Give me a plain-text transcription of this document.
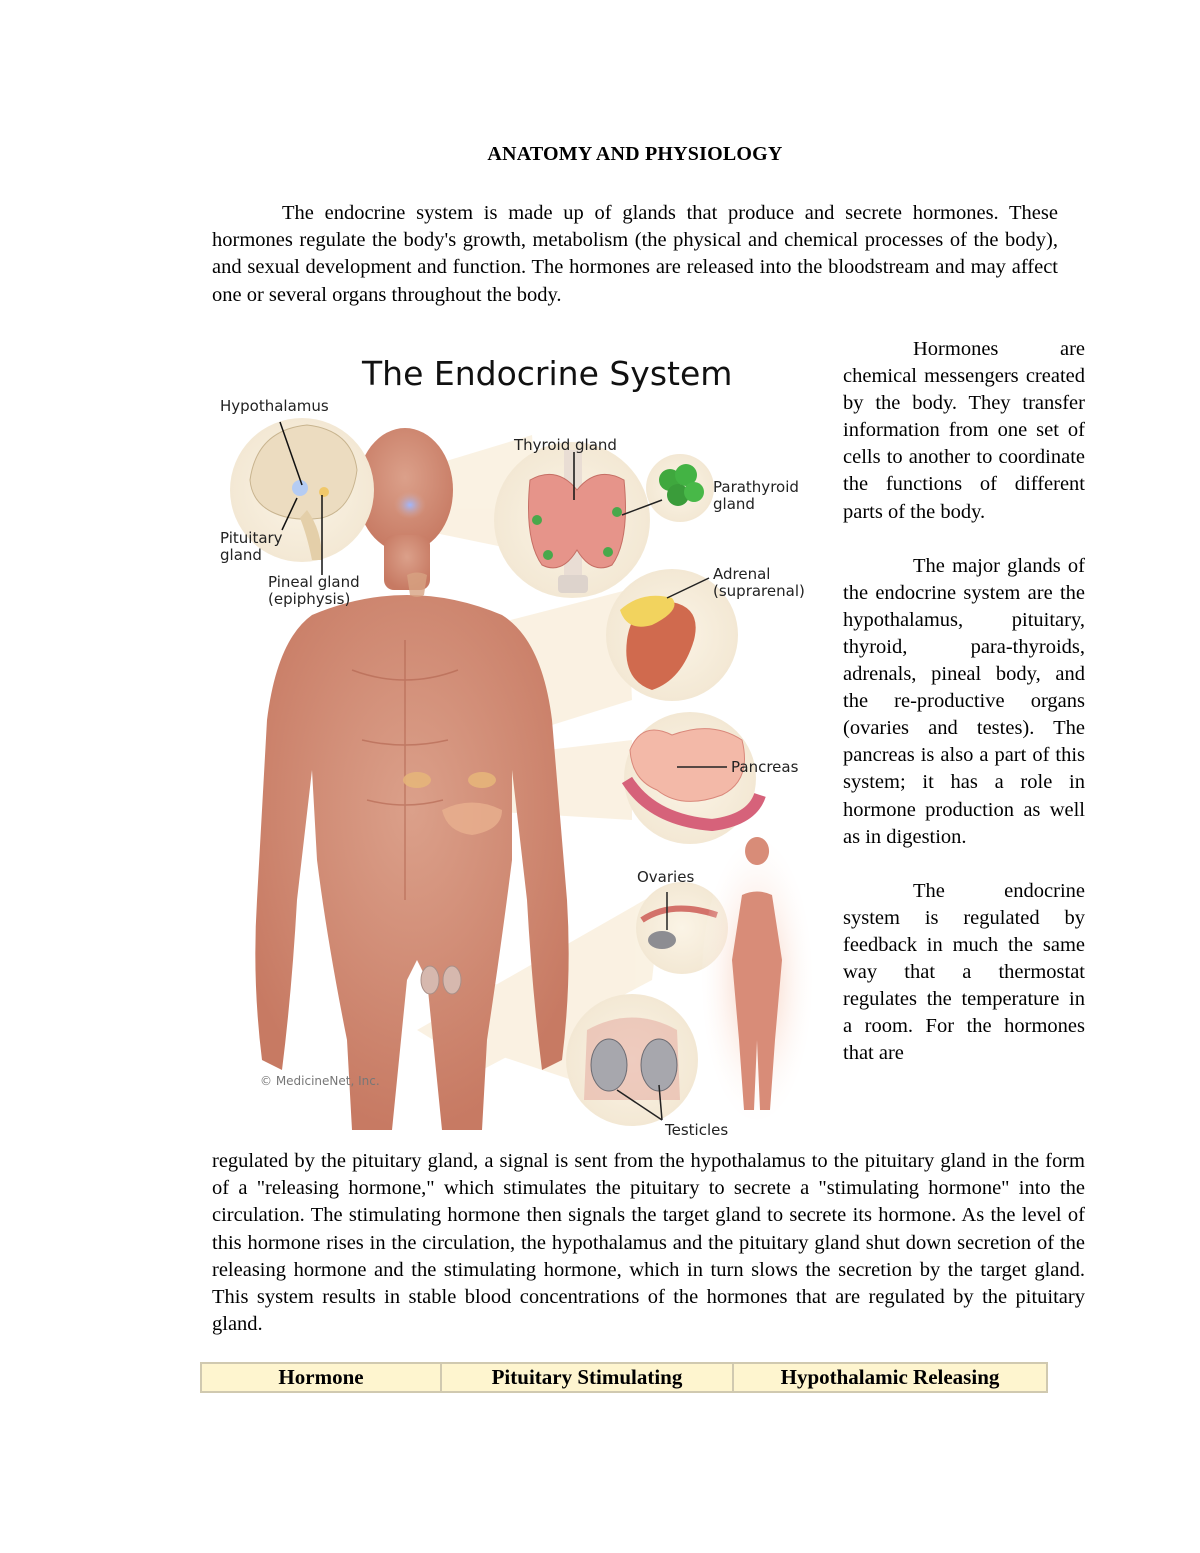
ANATOMY AND PHYSIOLOGY

The endocrine system is made up of glands that produce and secrete hormones. These hormones regulate the body's growth, metabolism (the physical and chemical processes of the body), and sexual development and function. The hormones are released into the bloodstream and may affect one or several organs throughout the body.

The Endocrine System
Hypothalamus
Pituitary
gland
Pineal gland
(epiphysis)
Thyroid gland
Parathyroid
gland
Adrenal
(suprarenal)
Pancreas
Ovaries
Testicles
© MedicineNet, Inc.

Hormones are chemical messengers created by the body. They transfer information from one set of cells to another to coordinate the functions of different parts of the body.

The major glands of the endocrine system are the hypothalamus, pituitary, thyroid, para-thyroids, adrenals, pineal body, and the re-productive organs (ovaries and testes). The pancreas is also a part of this system; it has a role in hormone production as well as in digestion.

The endocrine system is regulated by feedback in much the same way that a thermostat regulates the temperature in a room. For the hormones that are

regulated by the pituitary gland, a signal is sent from the hypothalamus to the pituitary gland in the form of a "releasing hormone," which stimulates the pituitary to secrete a "stimulating hormone" into the circulation. The stimulating hormone then signals the target gland to secrete its hormone. As the level of this hormone rises in the circulation, the hypothalamus and the pituitary gland shut down secretion of the releasing hormone and the stimulating hormone, which in turn slows the secretion by the target gland. This system results in stable blood concentrations of the hormones that are regulated by the pituitary gland.

Hormone	Pituitary Stimulating	Hypothalamic Releasing
